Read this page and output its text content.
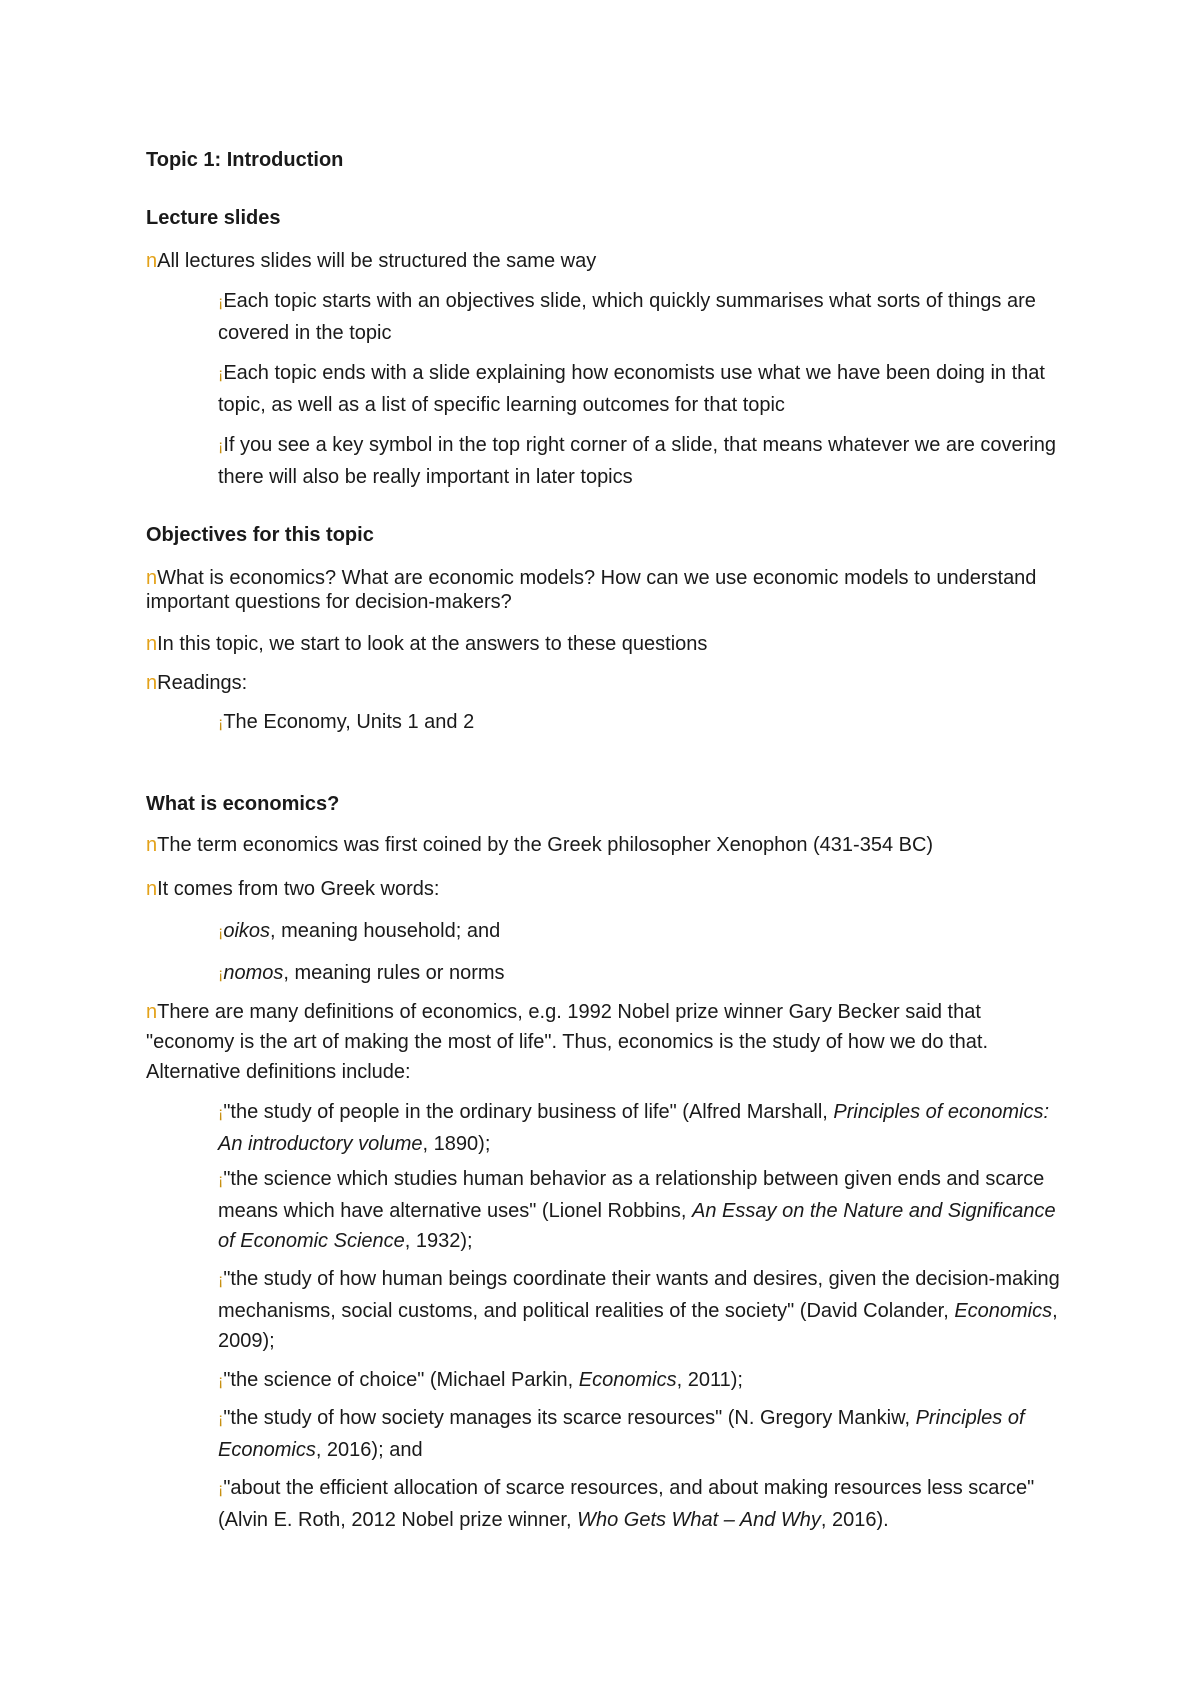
Topic 1: Introduction
Lecture slides
nAll lectures slides will be structured the same way
¡Each topic starts with an objectives slide, which quickly summarises what sorts of things are covered in the topic
¡Each topic ends with a slide explaining how economists use what we have been doing in that topic, as well as a list of specific learning outcomes for that topic
¡If you see a key symbol in the top right corner of a slide, that means whatever we are covering there will also be really important in later topics
Objectives for this topic
nWhat is economics? What are economic models? How can we use economic models to understand important questions for decision-makers?
nIn this topic, we start to look at the answers to these questions
nReadings:
¡The Economy, Units 1 and 2
What is economics?
nThe term economics was first coined by the Greek philosopher Xenophon (431-354 BC)
nIt comes from two Greek words:
¡oikos, meaning household; and
¡nomos, meaning rules or norms
nThere are many definitions of economics, e.g. 1992 Nobel prize winner Gary Becker said that "economy is the art of making the most of life". Thus, economics is the study of how we do that. Alternative definitions include:
¡"the study of people in the ordinary business of life" (Alfred Marshall, Principles of economics: An introductory volume, 1890);
¡"the science which studies human behavior as a relationship between given ends and scarce means which have alternative uses" (Lionel Robbins, An Essay on the Nature and Significance of Economic Science, 1932);
¡"the study of how human beings coordinate their wants and desires, given the decision-making mechanisms, social customs, and political realities of the society" (David Colander, Economics, 2009);
¡"the science of choice" (Michael Parkin, Economics, 2011);
¡"the study of how society manages its scarce resources" (N. Gregory Mankiw, Principles of Economics, 2016); and
¡"about the efficient allocation of scarce resources, and about making resources less scarce" (Alvin E. Roth, 2012 Nobel prize winner, Who Gets What – And Why, 2016).
